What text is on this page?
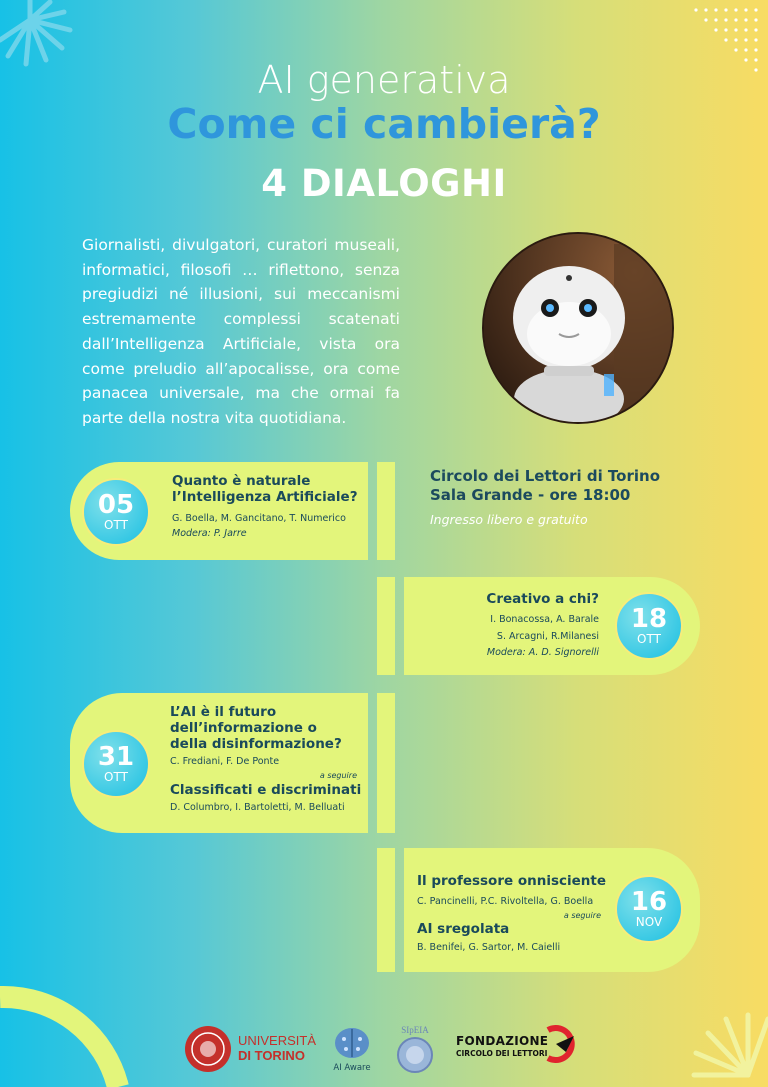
AI generativa
Come ci cambierà?
4 DIALOGHI
Giornalisti, divulgatori, curatori museali, informatici, filosofi … riflettono, senza pregiudizi né illusioni, sui meccanismi estremamente complessi scatenati dall’Intelligenza Artificiale, vista ora come preludio all’apocalisse, ora come panacea universale, ma che ormai fa parte della nostra vita quotidiana.
Circolo dei Lettori di Torino
Sala Grande - ore 18:00
Ingresso libero e gratuito
05
OTT
Quanto è naturale
l’Intelligenza Artificiale?
G. Boella, M. Gancitano, T. Numerico
Modera: P. Jarre
18
OTT
Creativo a chi?
I. Bonacossa, A. Barale
S. Arcagni, R.Milanesi
Modera: A. D. Signorelli
31
OTT
L’AI è il futuro
dell’informazione o
della disinformazione?
C. Frediani, F. De Ponte
a seguire
Classificati e discriminati
D. Columbro, I. Bartoletti, M. Belluati
16
NOV
Il professore onnisciente
C. Pancinelli, P.C. Rivoltella, G. Boella
a seguire
AI sregolata
B. Benifei, G. Sartor, M. Caielli
UNIVERSITÀ
DI TORINO
AI Aware
SIpEIA
FONDAZIONE
CIRCOLO DEI LETTORI
